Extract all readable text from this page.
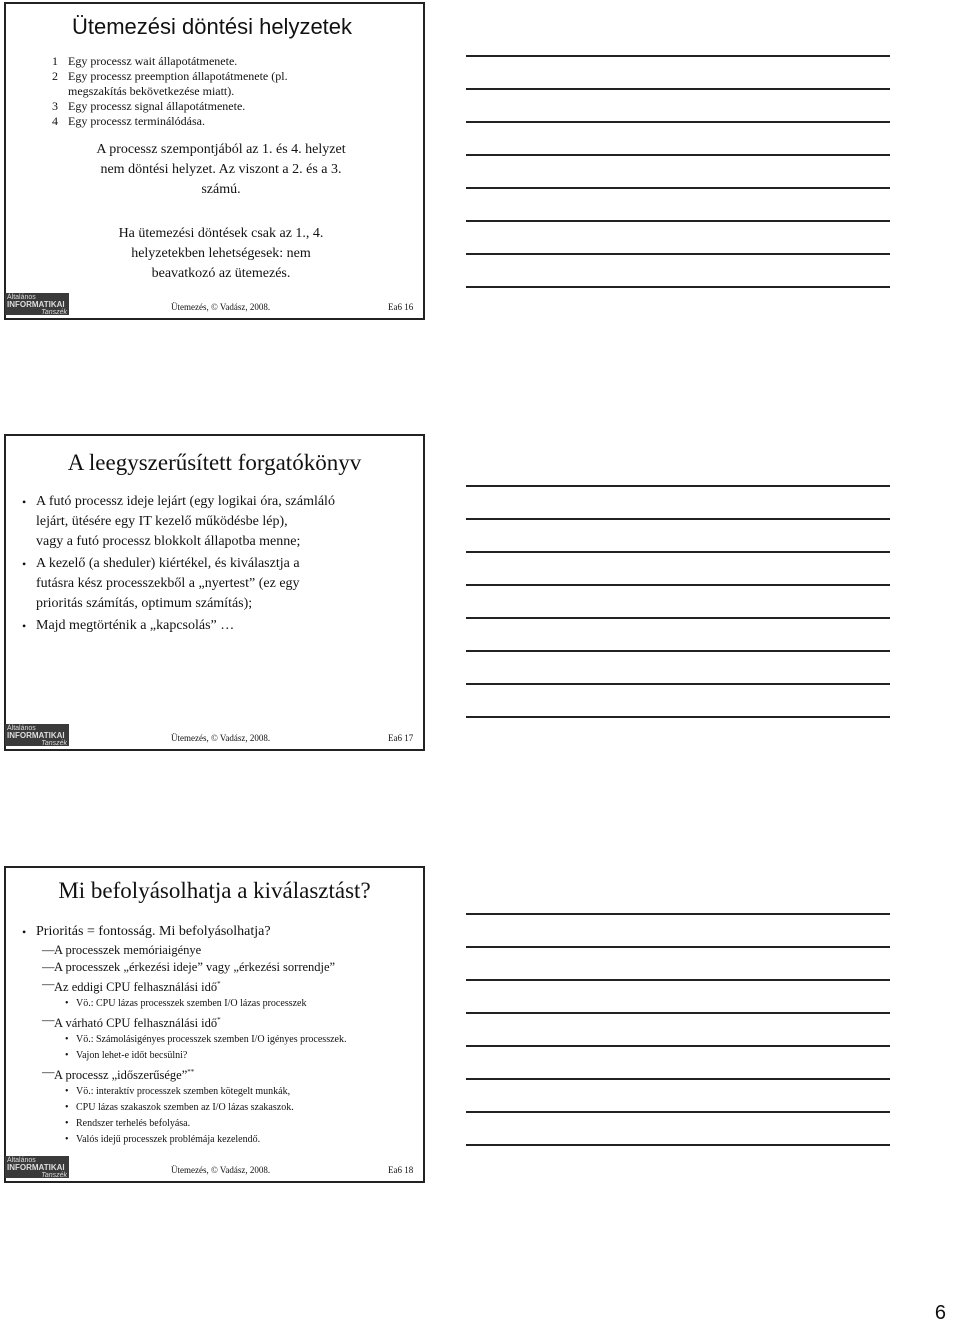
Ütemezési döntési helyzetek
1 Egy processz wait állapotátmenete.
2 Egy processz preemption állapotátmenete (pl.
megszakítás bekövetkezése miatt).
3 Egy processz signal állapotátmenete.
4 Egy processz terminálódása.
A processz szempontjából az 1. és 4. helyzet
nem döntési helyzet. Az viszont a 2. és a 3.
számú.
Ha ütemezési döntések csak az 1., 4.
helyzetekben lehetségesek: nem
beavatkozó az ütemezés.
Általános
INFORMATIKAI
Tanszék
Ütemezés, © Vadász, 2008.	Ea6 16
A leegyszerűsített forgatókönyv
• A futó processz ideje lejárt (egy logikai óra, számláló
lejárt, ütésére egy IT kezelő működésbe lép),
vagy a futó processz blokkolt állapotba menne;
• A kezelő (a sheduler) kiértékel, és kiválasztja a
futásra kész processzekből a „nyertest” (ez egy
prioritás számítás, optimum számítás);
• Majd megtörténik a „kapcsolás” …
Általános
INFORMATIKAI
Tanszék
Ütemezés, © Vadász, 2008.	Ea6 17
Mi befolyásolhatja a kiválasztást?
• Prioritás = fontosság. Mi befolyásolhatja?
— A processzek memóriaigénye
— A processzek „érkezési ideje” vagy „érkezési sorrendje”
— Az eddigi CPU felhasználási idő*
• Vö.: CPU lázas processzek szemben I/O lázas processzek
— A várható CPU felhasználási idő*
• Vö.: Számolásigényes processzek szemben I/O igényes processzek.
• Vajon lehet-e időt becsülni?
— A processz „időszerűsége”**
• Vö.: interaktív processzek szemben kötegelt munkák,
• CPU lázas szakaszok szemben az I/O lázas szakaszok.
• Rendszer terhelés befolyása.
• Valós idejű processzek problémája kezelendő.
Általános
INFORMATIKAI
Tanszék
Ütemezés, © Vadász, 2008.	Ea6 18
6
